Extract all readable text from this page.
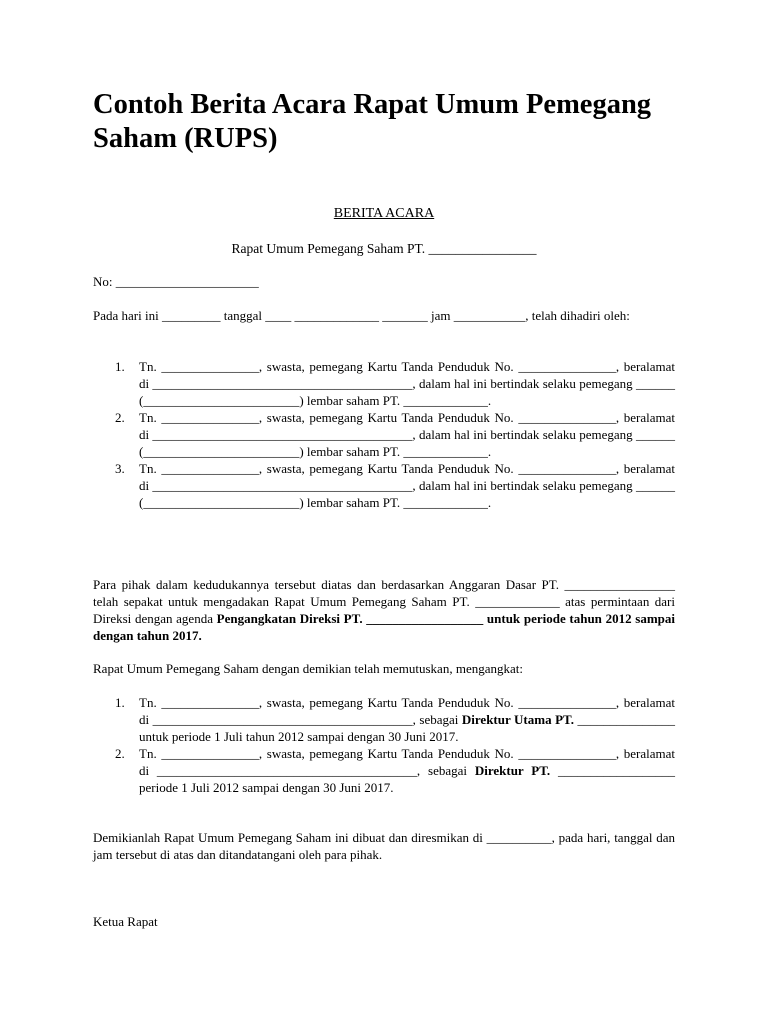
Contoh Berita Acara Rapat Umum Pemegang Saham (RUPS)
BERITA ACARA
Rapat Umum Pemegang Saham PT. ________________
No: ______________________
Pada hari ini _________ tanggal ____ _____________ _______ jam ___________, telah dihadiri oleh:
1. Tn. _______________, swasta, pemegang Kartu Tanda Penduduk No. _______________, beralamat di ________________________________________, dalam hal ini bertindak selaku pemegang ______ (________________________) lembar saham PT. _____________.
2. Tn. _______________, swasta, pemegang Kartu Tanda Penduduk No. _______________, beralamat di ________________________________________, dalam hal ini bertindak selaku pemegang ______ (________________________) lembar saham PT. _____________.
3. Tn. _______________, swasta, pemegang Kartu Tanda Penduduk No. _______________, beralamat di ________________________________________, dalam hal ini bertindak selaku pemegang ______ (________________________) lembar saham PT. _____________.
Para pihak dalam kedudukannya tersebut diatas dan berdasarkan Anggaran Dasar PT. _________________ telah sepakat untuk mengadakan Rapat Umum Pemegang Saham PT. _____________ atas permintaan dari Direksi dengan agenda Pengangkatan Direksi PT. __________________ untuk periode tahun 2012 sampai dengan tahun 2017.
Rapat Umum Pemegang Saham dengan demikian telah memutuskan, mengangkat:
1. Tn. _______________, swasta, pemegang Kartu Tanda Penduduk No. _______________, beralamat di ________________________________________, sebagai Direktur Utama PT. _______________ untuk periode 1 Juli tahun 2012 sampai dengan 30 Juni 2017.
2. Tn. _______________, swasta, pemegang Kartu Tanda Penduduk No. _______________, beralamat di ________________________________________, sebagai Direktur PT. __________________ periode 1 Juli 2012 sampai dengan 30 Juni 2017.
Demikianlah Rapat Umum Pemegang Saham ini dibuat dan diresmikan di __________, pada hari, tanggal dan jam tersebut di atas dan ditandatangani oleh para pihak.
Ketua Rapat
